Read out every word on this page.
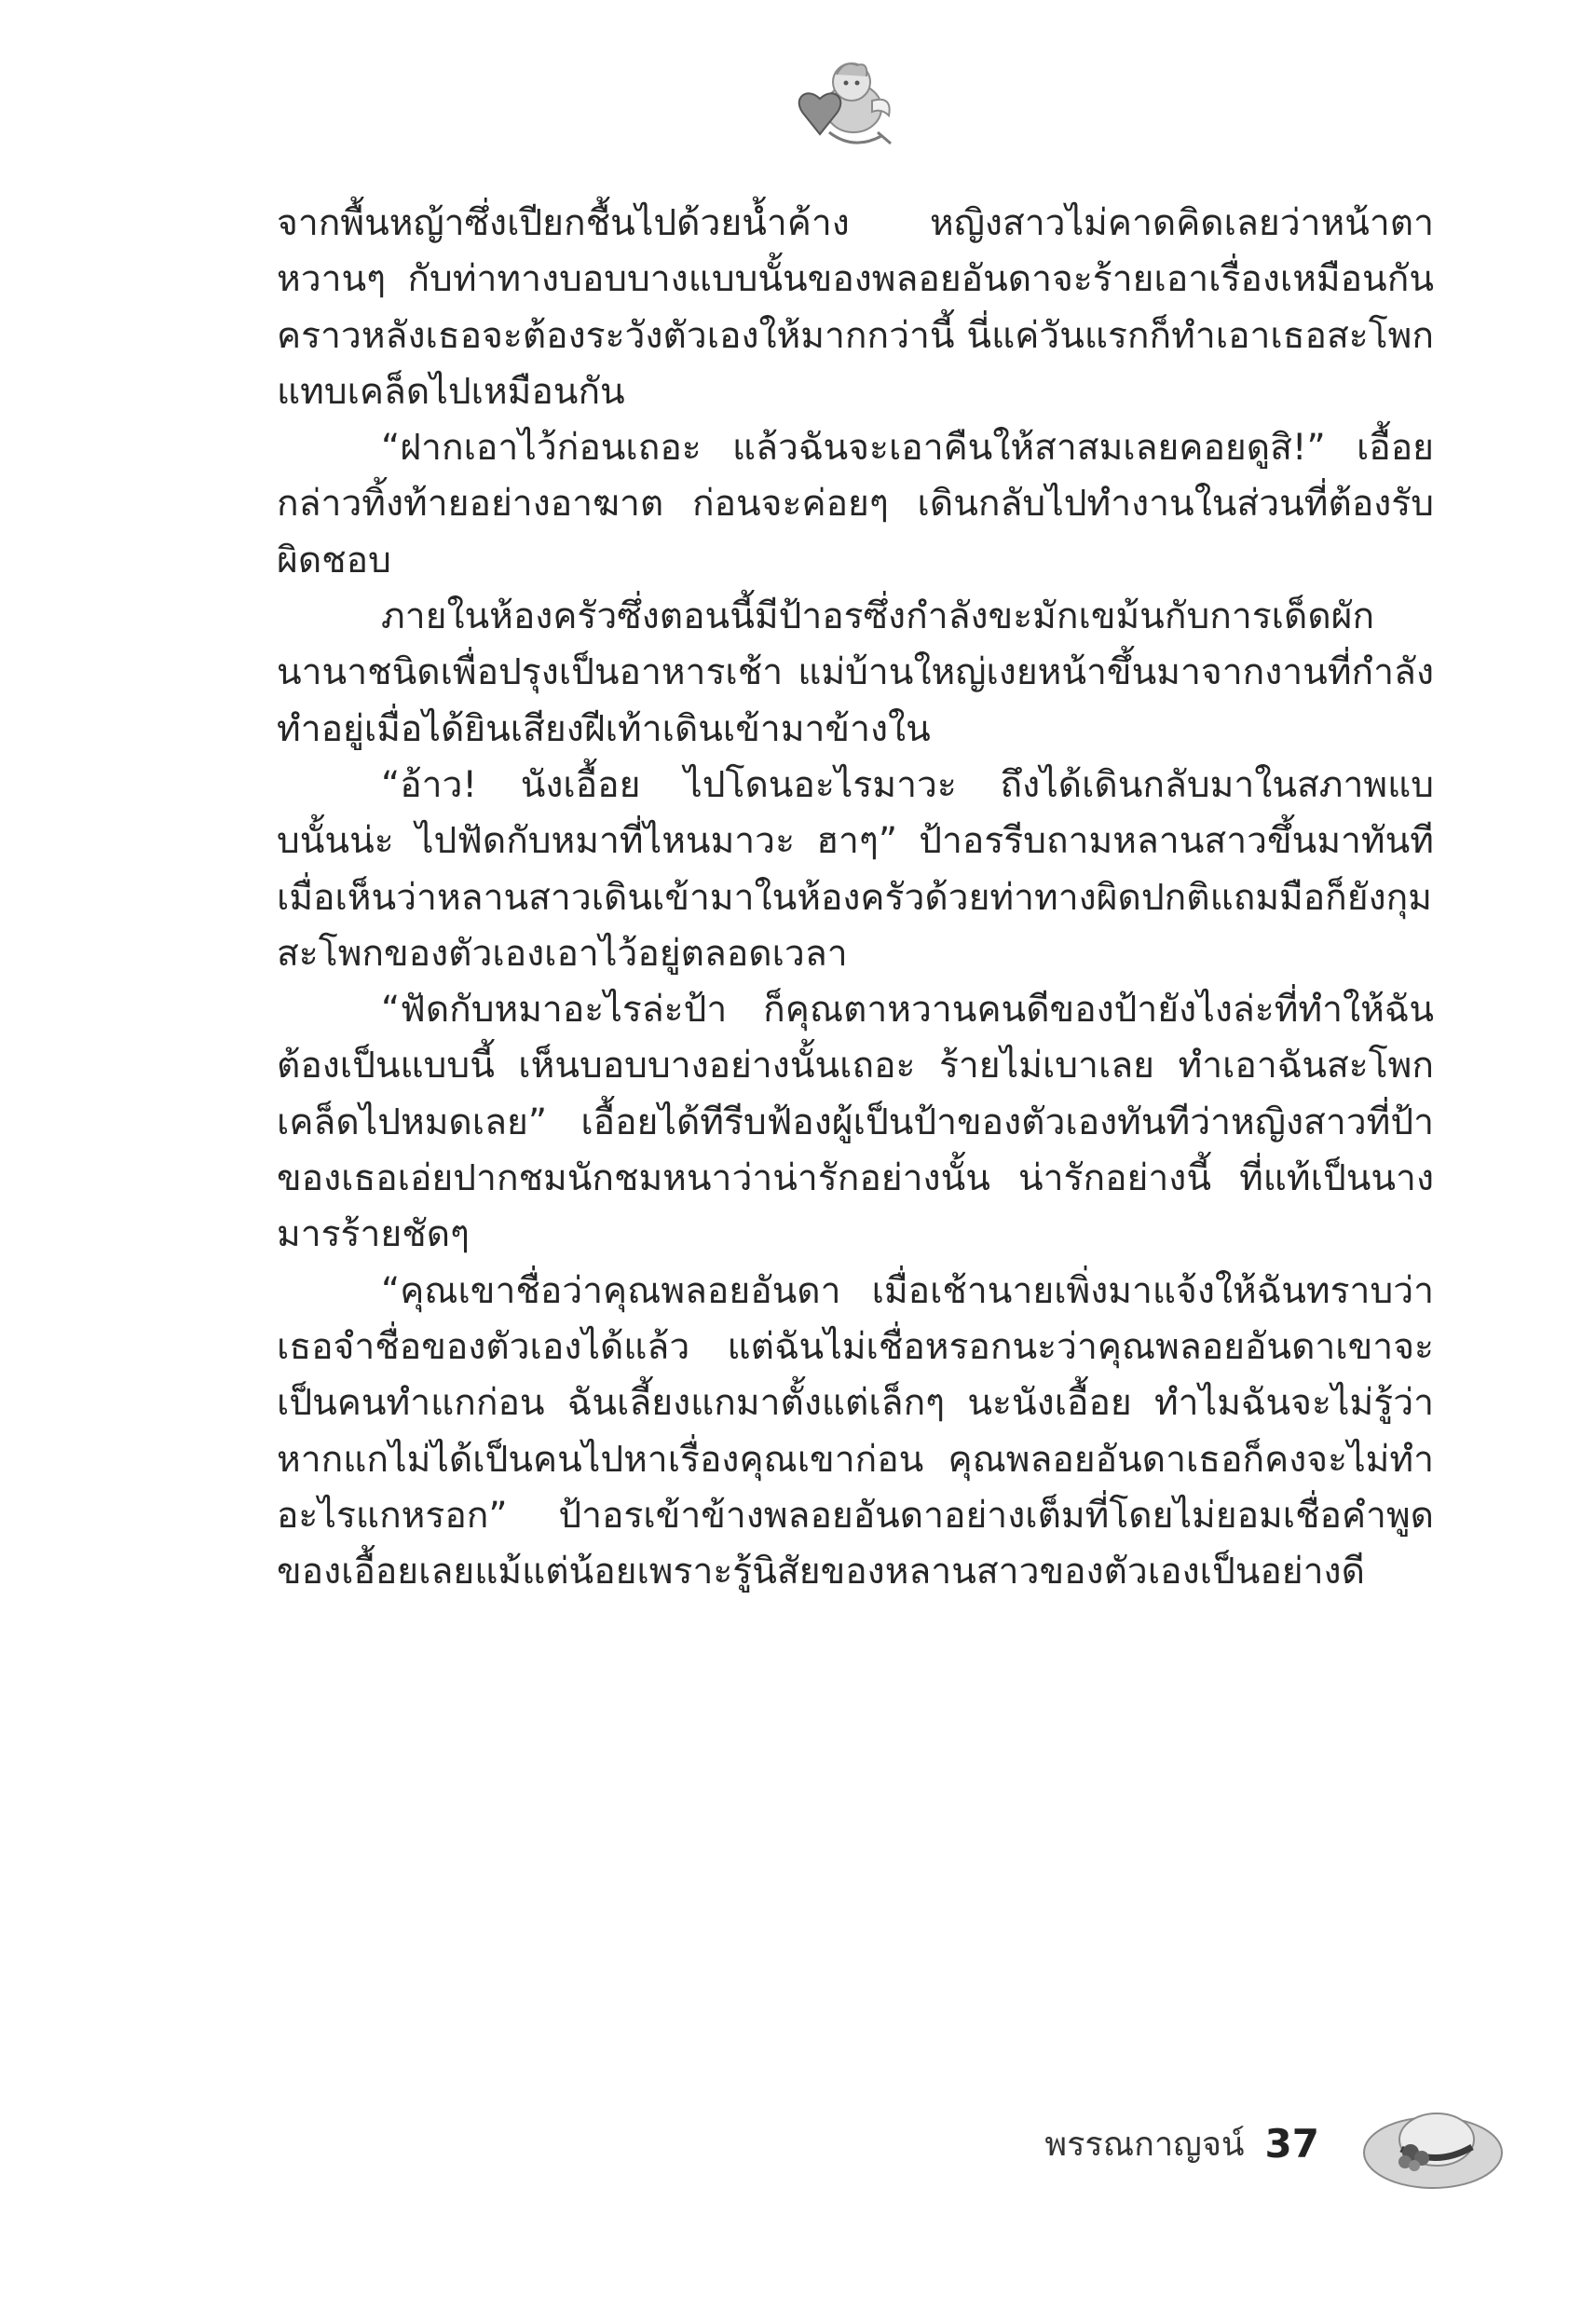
จากพื้นหญ้าซึ่งเปียกชื้นไปด้วยน้ำค้าง หญิงสาวไม่คาดคิดเลยว่าหน้าตาหวานๆ กับท่าทางบอบบางแบบนั้นของพลอยอันดาจะร้ายเอาเรื่องเหมือนกัน คราวหลังเธอจะต้องระวังตัวเองให้มากกว่านี้ นี่แค่วันแรกก็ทำเอาเธอสะโพกแทบเคล็ดไปเหมือนกัน

“ฝากเอาไว้ก่อนเถอะ แล้วฉันจะเอาคืนให้สาสมเลยคอยดูสิ!” เอื้อยกล่าวทิ้งท้ายอย่างอาฆาต ก่อนจะค่อยๆ เดินกลับไปทำงานในส่วนที่ต้องรับผิดชอบ

ภายในห้องครัวซึ่งตอนนี้มีป้าอรซึ่งกำลังขะมักเขม้นกับการเด็ดผักนานาชนิดเพื่อปรุงเป็นอาหารเช้า แม่บ้านใหญ่เงยหน้าขึ้นมาจากงานที่กำลังทำอยู่เมื่อได้ยินเสียงฝีเท้าเดินเข้ามาข้างใน

“อ้าว! นังเอื้อย ไปโดนอะไรมาวะ ถึงได้เดินกลับมาในสภาพแบบนั้นน่ะ ไปฟัดกับหมาที่ไหนมาวะ ฮาๆ” ป้าอรรีบถามหลานสาวขึ้นมาทันทีเมื่อเห็นว่าหลานสาวเดินเข้ามาในห้องครัวด้วยท่าทางผิดปกติแถมมือก็ยังกุมสะโพกของตัวเองเอาไว้อยู่ตลอดเวลา

“ฟัดกับหมาอะไรล่ะป้า ก็คุณตาหวานคนดีของป้ายังไงล่ะที่ทำให้ฉันต้องเป็นแบบนี้ เห็นบอบบางอย่างนั้นเถอะ ร้ายไม่เบาเลย ทำเอาฉันสะโพกเคล็ดไปหมดเลย” เอื้อยได้ทีรีบฟ้องผู้เป็นป้าของตัวเองทันทีว่าหญิงสาวที่ป้าของเธอเอ่ยปากชมนักชมหนาว่าน่ารักอย่างนั้น น่ารักอย่างนี้ ที่แท้เป็นนางมารร้ายชัดๆ

“คุณเขาชื่อว่าคุณพลอยอันดา เมื่อเช้านายเพิ่งมาแจ้งให้ฉันทราบว่าเธอจำชื่อของตัวเองได้แล้ว แต่ฉันไม่เชื่อหรอกนะว่าคุณพลอยอันดาเขาจะเป็นคนทำแกก่อน ฉันเลี้ยงแกมาตั้งแต่เล็กๆ นะนังเอื้อย ทำไมฉันจะไม่รู้ว่าหากแกไม่ได้เป็นคนไปหาเรื่องคุณเขาก่อน คุณพลอยอันดาเธอก็คงจะไม่ทำอะไรแกหรอก” ป้าอรเข้าข้างพลอยอันดาอย่างเต็มที่โดยไม่ยอมเชื่อคำพูดของเอื้อยเลยแม้แต่น้อยเพราะรู้นิสัยของหลานสาวของตัวเองเป็นอย่างดี

พรรณกาญจน์ 37
